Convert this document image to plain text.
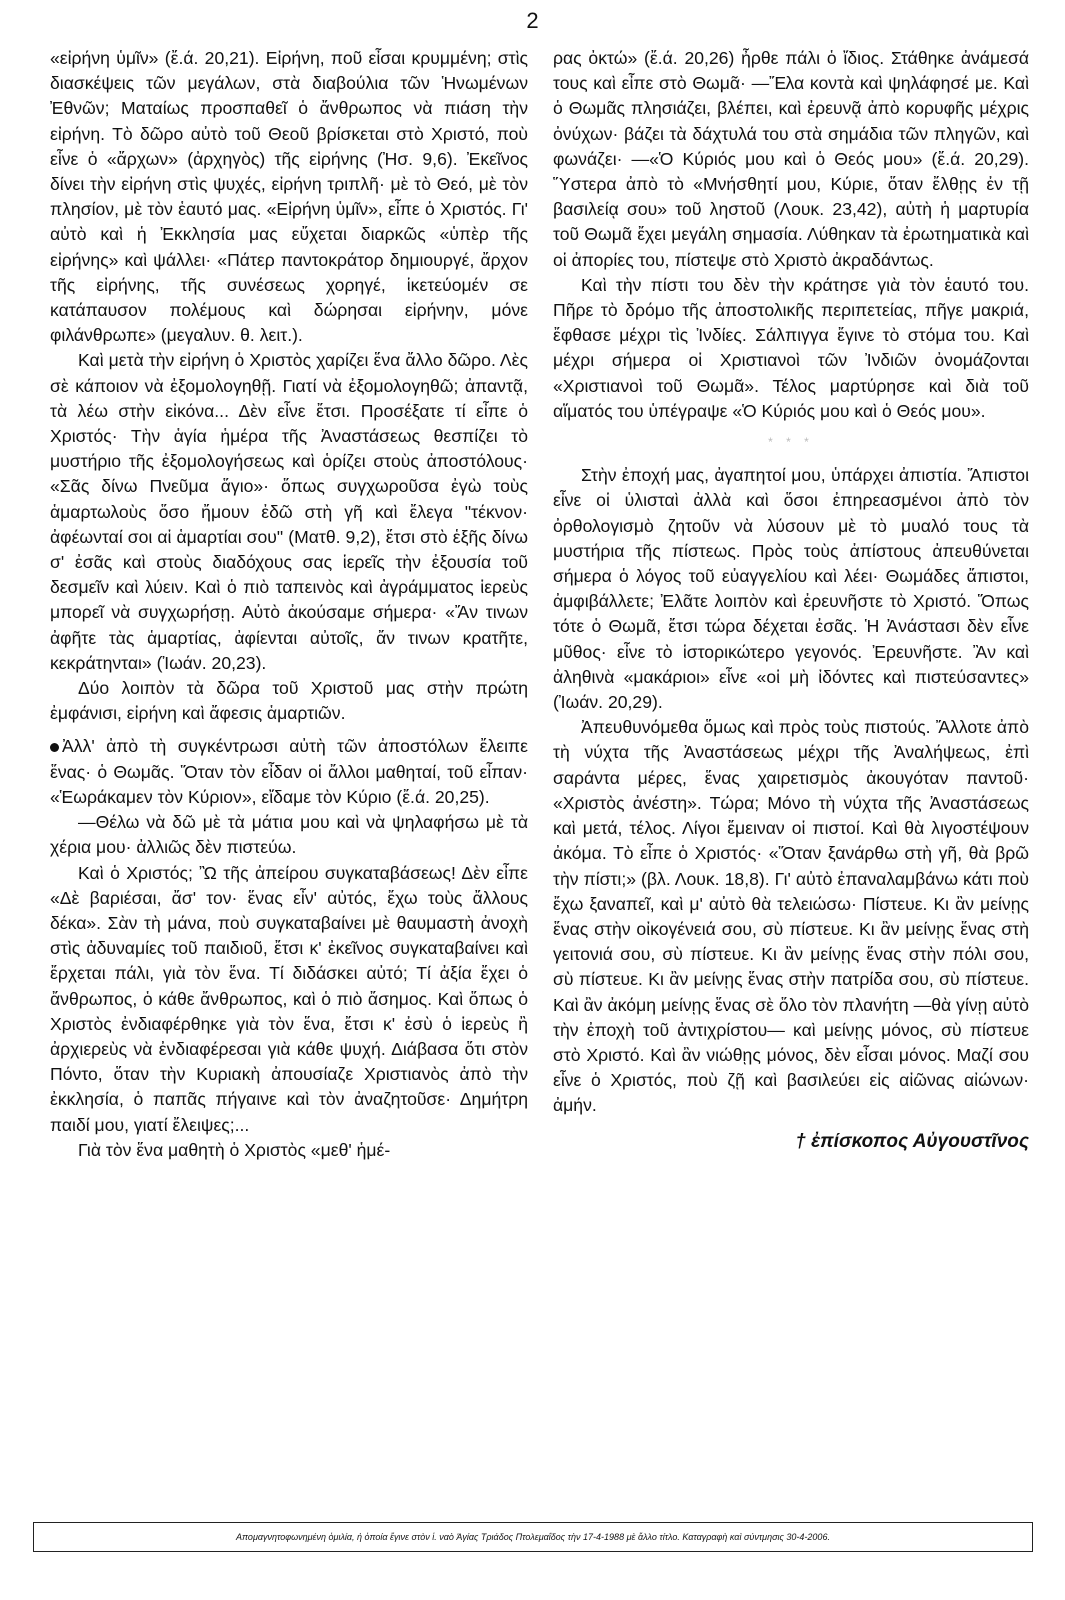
2

«εἰρήνη ὑμῖν» (ἔ.ά. 20,21). Εἰρήνη, ποῦ εἶσαι κρυμμένη; στὶς διασκέψεις τῶν μεγάλων, στὰ διαβούλια τῶν Ἡνωμένων Ἐθνῶν; Ματαίως προσπαθεῖ ὁ ἄνθρωπος νὰ πιάση τὴν εἰρήνη. Τὸ δῶρο αὐτὸ τοῦ Θεοῦ βρίσκεται στὸ Χριστό, ποὺ εἶνε ὁ «ἄρχων» (ἀρχηγὸς) τῆς εἰρήνης (Ἠσ. 9,6). Ἐκεῖνος δίνει τὴν εἰρήνη στὶς ψυχές, εἰρήνη τριπλῆ· μὲ τὸ Θεό, μὲ τὸν πλησίον, μὲ τὸν ἑαυτό μας. «Εἰρήνη ὑμῖν», εἶπε ὁ Χριστός. Γι' αὐτὸ καὶ ἡ Ἐκκλησία μας εὔχεται διαρκῶς «ὑπὲρ τῆς εἰρήνης» καὶ ψάλλει· «Πάτερ παντοκράτορ δημιουργέ, ἄρχον τῆς εἰρήνης, τῆς συνέσεως χορηγέ, ἱκετεύομέν σε κατάπαυσον πολέμους καὶ δώρησαι εἰρήνην, μόνε φιλάνθρωπε» (μεγαλυν. θ. λειτ.).

Καὶ μετὰ τὴν εἰρήνη ὁ Χριστὸς χαρίζει ἕνα ἄλλο δῶρο. Λὲς σὲ κάποιον νὰ ἐξομολογηθῇ. Γιατί νὰ ἐξομολογηθῶ; ἀπαντᾷ, τὰ λέω στὴν εἰκόνα... Δὲν εἶνε ἔτσι. Προσέξατε τί εἶπε ὁ Χριστός· Τὴν ἁγία ἡμέρα τῆς Ἀναστάσεως θεσπίζει τὸ μυστήριο τῆς ἐξομολογήσεως καὶ ὁρίζει στοὺς ἀποστόλους· «Σᾶς δίνω Πνεῦμα ἅγιο»· ὅπως συγχωροῦσα ἐγὼ τοὺς ἁμαρτωλοὺς ὅσο ἤμουν ἐδῶ στὴ γῆ καὶ ἔλεγα "τέκνον· ἀφέωνταί σοι αἱ ἁμαρτίαι σου" (Ματθ. 9,2), ἔτσι στὸ ἑξῆς δίνω σ' ἐσᾶς καὶ στοὺς διαδόχους σας ἱερεῖς τὴν ἐξουσία τοῦ δεσμεῖν καὶ λύειν. Καὶ ὁ πιὸ ταπεινὸς καὶ ἀγράμματος ἱερεὺς μπορεῖ νὰ συγχωρήσῃ. Αὐτὸ ἀκούσαμε σήμερα· «Ἄν τινων ἀφῆτε τὰς ἁμαρτίας, ἀφίενται αὐτοῖς, ἄν τινων κρατῆτε, κεκράτηνται» (Ἰωάν. 20,23).

Δύο λοιπὸν τὰ δῶρα τοῦ Χριστοῦ μας στὴν πρώτη ἐμφάνισι, εἰρήνη καὶ ἄφεσις ἁμαρτιῶν.

Ἀλλ' ἀπὸ τὴ συγκέντρωσι αὐτὴ τῶν ἀποστόλων ἔλειπε ἕνας· ὁ Θωμᾶς. Ὅταν τὸν εἶδαν οἱ ἄλλοι μαθηταί, τοῦ εἶπαν· «Ἑωράκαμεν τὸν Κύριον», εἴδαμε τὸν Κύριο (ἔ.ά. 20,25).

—Θέλω νὰ δῶ μὲ τὰ μάτια μου καὶ νὰ ψηλαφήσω μὲ τὰ χέρια μου· ἀλλιῶς δὲν πιστεύω.

Καὶ ὁ Χριστός; Ὢ τῆς ἀπείρου συγκαταβάσεως! Δὲν εἶπε «Δὲ βαριέσαι, ἄσ' τον· ἕνας εἶν' αὐτός, ἔχω τοὺς ἄλλους δέκα». Σὰν τὴ μάνα, ποὺ συγκαταβαίνει μὲ θαυμαστὴ ἀνοχὴ στὶς ἀδυναμίες τοῦ παιδιοῦ, ἔτσι κ' ἐκεῖνος συγκαταβαίνει καὶ ἔρχεται πάλι, γιὰ τὸν ἕνα. Τί διδάσκει αὐτό; Τί ἀξία ἔχει ὁ ἄνθρωπος, ὁ κάθε ἄνθρωπος, καὶ ὁ πιὸ ἄσημος. Καὶ ὅπως ὁ Χριστὸς ἐνδιαφέρθηκε γιὰ τὸν ἕνα, ἔτσι κ' ἐσὺ ὁ ἱερεὺς ἢ ἀρχιερεὺς νὰ ἐνδιαφέρεσαι γιὰ κάθε ψυχή. Διάβασα ὅτι στὸν Πόντο, ὅταν τὴν Κυριακὴ ἀπουσίαζε Χριστιανὸς ἀπὸ τὴν ἐκκλησία, ὁ παπᾶς πήγαινε καὶ τὸν ἀναζητοῦσε· Δημήτρη παιδί μου, γιατί ἔλειψες;...

Γιὰ τὸν ἕνα μαθητὴ ὁ Χριστὸς «μεθ' ἡμέ-

ρας ὀκτώ» (ἔ.ά. 20,26) ἦρθε πάλι ὁ ἴδιος. Στάθηκε ἀνάμεσά τους καὶ εἶπε στὸ Θωμᾶ· —Ἔλα κοντὰ καὶ ψηλάφησέ με. Καὶ ὁ Θωμᾶς πλησιάζει, βλέπει, καὶ ἐρευνᾷ ἀπὸ κορυφῆς μέχρις ὀνύχων· βάζει τὰ δάχτυλά του στὰ σημάδια τῶν πληγῶν, καὶ φωνάζει· —«Ὁ Κύριός μου καὶ ὁ Θεός μου» (ἔ.ά. 20,29). Ὕστερα ἀπὸ τὸ «Μνήσθητί μου, Κύριε, ὅταν ἔλθῃς ἐν τῇ βασιλείᾳ σου» τοῦ ληστοῦ (Λουκ. 23,42), αὐτὴ ἡ μαρτυρία τοῦ Θωμᾶ ἔχει μεγάλη σημασία. Λύθηκαν τὰ ἐρωτηματικὰ καὶ οἱ ἀπορίες του, πίστεψε στὸ Χριστὸ ἀκραδάντως.

Καὶ τὴν πίστι του δὲν τὴν κράτησε γιὰ τὸν ἑαυτό του. Πῆρε τὸ δρόμο τῆς ἀποστολικῆς περιπετείας, πῆγε μακριά, ἔφθασε μέχρι τὶς Ἰνδίες. Σάλπιγγα ἔγινε τὸ στόμα του. Καὶ μέχρι σήμερα οἱ Χριστιανοὶ τῶν Ἰνδιῶν ὀνομάζονται «Χριστιανοὶ τοῦ Θωμᾶ». Τέλος μαρτύρησε καὶ διὰ τοῦ αἵματός του ὑπέγραψε «Ὁ Κύριός μου καὶ ὁ Θεός μου».

* * *

Στὴν ἐποχή μας, ἀγαπητοί μου, ὑπάρχει ἀπιστία. Ἄπιστοι εἶνε οἱ ὑλισταὶ ἀλλὰ καὶ ὅσοι ἐπηρεασμένοι ἀπὸ τὸν ὀρθολογισμὸ ζητοῦν νὰ λύσουν μὲ τὸ μυαλό τους τὰ μυστήρια τῆς πίστεως. Πρὸς τοὺς ἀπίστους ἀπευθύνεται σήμερα ὁ λόγος τοῦ εὐαγγελίου καὶ λέει· Θωμάδες ἄπιστοι, ἀμφιβάλλετε; Ἐλᾶτε λοιπὸν καὶ ἐρευνῆστε τὸ Χριστό. Ὅπως τότε ὁ Θωμᾶ, ἔτσι τώρα δέχεται ἐσᾶς. Ἡ Ἀνάστασι δὲν εἶνε μῦθος· εἶνε τὸ ἱστορικώτερο γεγονός. Ἐρευνῆστε. Ἂν καὶ ἀληθινὰ «μακάριοι» εἶνε «οἱ μὴ ἰδόντες καὶ πιστεύσαντες» (Ἰωάν. 20,29).

Ἀπευθυνόμεθα ὅμως καὶ πρὸς τοὺς πιστούς. Ἄλλοτε ἀπὸ τὴ νύχτα τῆς Ἀναστάσεως μέχρι τῆς Ἀναλήψεως, ἐπὶ σαράντα μέρες, ἕνας χαιρετισμὸς ἀκουγόταν παντοῦ· «Χριστὸς ἀνέστη». Τώρα; Μόνο τὴ νύχτα τῆς Ἀναστάσεως καὶ μετά, τέλος. Λίγοι ἔμειναν οἱ πιστοί. Καὶ θὰ λιγοστέψουν ἀκόμα. Τὸ εἶπε ὁ Χριστός· «Ὅταν ξανάρθω στὴ γῆ, θὰ βρῶ τὴν πίστι;» (βλ. Λουκ. 18,8). Γι' αὐτὸ ἐπαναλαμβάνω κάτι ποὺ ἔχω ξαναπεῖ, καὶ μ' αὐτὸ θὰ τελειώσω· Πίστευε. Κι ἂν μείνῃς ἕνας στὴν οἰκογένειά σου, σὺ πίστευε. Κι ἂν μείνῃς ἕνας στὴ γειτονιά σου, σὺ πίστευε. Κι ἂν μείνῃς ἕνας στὴν πόλι σου, σὺ πίστευε. Κι ἂν μείνῃς ἕνας στὴν πατρίδα σου, σὺ πίστευε. Καὶ ἂν ἀκόμη μείνῃς ἕνας σὲ ὅλο τὸν πλανήτη —θὰ γίνῃ αὐτὸ τὴν ἐποχὴ τοῦ ἀντιχρίστου— καὶ μείνῃς μόνος, σὺ πίστευε στὸ Χριστό. Καὶ ἂν νιώθῃς μόνος, δὲν εἶσαι μόνος. Μαζί σου εἶνε ὁ Χριστός, ποὺ ζῇ καὶ βασιλεύει εἰς αἰῶνας αἰώνων· ἀμήν.

† ἐπίσκοπος Αὐγουστῖνος
Απομαγνητοφωνημένη ὁμιλία, ἡ ὁποία ἔγινε στὸν ἱ. ναὸ Ἁγίας Τριάδος Πτολεμαΐδος τὴν 17-4-1988 μὲ ἄλλο τίτλο. Καταγραφὴ καὶ σύντμησις 30-4-2006.
